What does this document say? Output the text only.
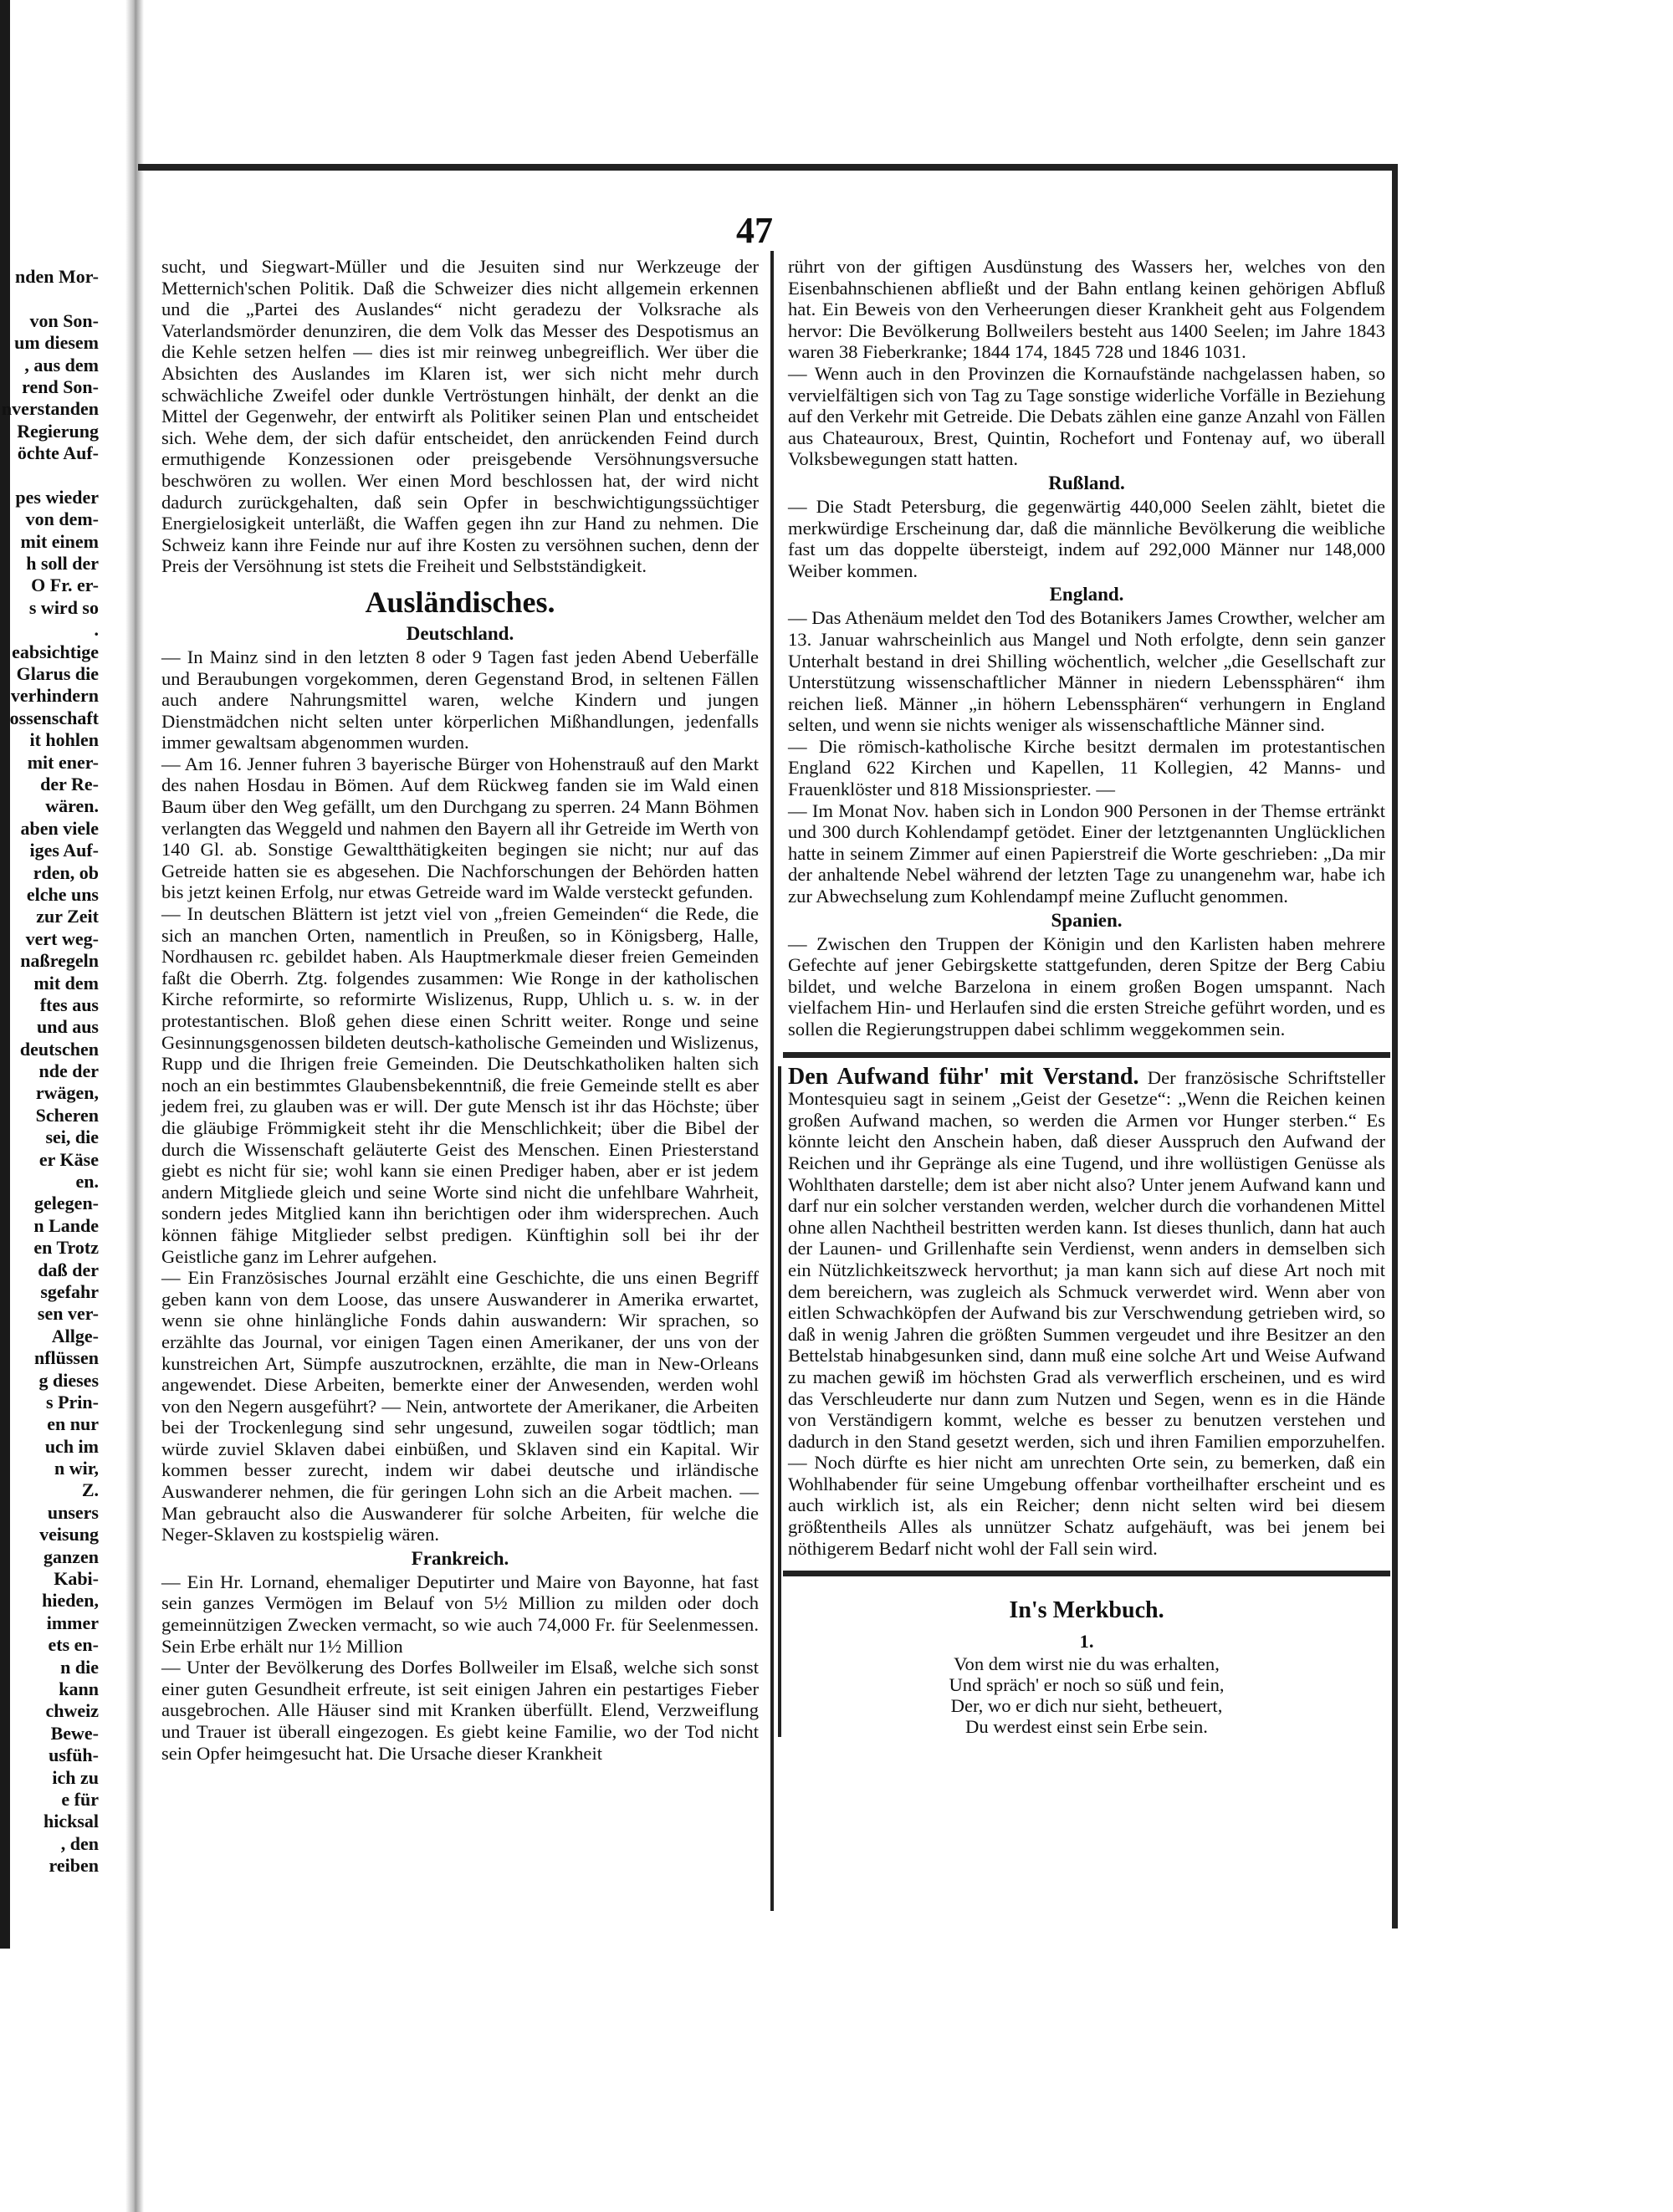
47
nden Mor-
von Son-
um diesem
, aus dem
rend Son-
nverstanden
Regierung
öchte Auf-
pes wieder
von dem-
mit einem
h soll der
O Fr. er-
s wird so
.
eabsichtige
Glarus die
verhindern
ossenschaft
it hohlen
mit ener-
der Re-
wären.
aben viele
iges Auf-
rden, ob
elche uns
zur Zeit
vert weg-
naßregeln
mit dem
ftes aus
und aus
deutschen
nde der
rwägen,
Scheren
sei, die
er Käse
en.
gelegen-
n Lande
en Trotz
daß der
sgefahr
sen ver-
Allge-
nflüssen
g dieses
s Prin-
en nur
uch im
n wir,
Z.
unsers
veisung
ganzen
Kabi-
hieden,
immer
ets en-
n die
kann
chweiz
Bewe-
usfüh-
ich zu
e für
hicksal
, den
reiben

sucht, und Siegwart-Müller und die Jesuiten sind nur Werkzeuge der Metternich'schen Politik. Daß die Schweizer dies nicht allgemein erkennen und die „Partei des Auslandes“ nicht geradezu der Volksrache als Vaterlandsmörder denunziren, die dem Volk das Messer des Despotismus an die Kehle setzen helfen — dies ist mir reinweg unbegreiflich. Wer über die Absichten des Auslandes im Klaren ist, wer sich nicht mehr durch schwächliche Zweifel oder dunkle Vertröstungen hinhält, der denkt an die Mittel der Gegenwehr, der entwirft als Politiker seinen Plan und entscheidet sich. Wehe dem, der sich dafür entscheidet, den anrückenden Feind durch ermuthigende Konzessionen oder preisgebende Versöhnungsversuche beschwören zu wollen. Wer einen Mord beschlossen hat, der wird nicht dadurch zurückgehalten, daß sein Opfer in beschwichtigungssüchtiger Energielosigkeit unterläßt, die Waffen gegen ihn zur Hand zu nehmen. Die Schweiz kann ihre Feinde nur auf ihre Kosten zu versöhnen suchen, denn der Preis der Versöhnung ist stets die Freiheit und Selbstständigkeit.

Ausländisches.
Deutschland.

— In Mainz sind in den letzten 8 oder 9 Tagen fast jeden Abend Ueberfälle und Beraubungen vorgekommen, deren Gegenstand Brod, in seltenen Fällen auch andere Nahrungsmittel waren, welche Kindern und jungen Dienstmädchen nicht selten unter körperlichen Mißhandlungen, jedenfalls immer gewaltsam abgenommen wurden.

— Am 16. Jenner fuhren 3 bayerische Bürger von Hohenstrauß auf den Markt des nahen Hosdau in Bömen. Auf dem Rückweg fanden sie im Wald einen Baum über den Weg gefällt, um den Durchgang zu sperren. 24 Mann Böhmen verlangten das Weggeld und nahmen den Bayern all ihr Getreide im Werth von 140 Gl. ab. Sonstige Gewaltthätigkeiten begingen sie nicht; nur auf das Getreide hatten sie es abgesehen. Die Nachforschungen der Behörden hatten bis jetzt keinen Erfolg, nur etwas Getreide ward im Walde versteckt gefunden.

— In deutschen Blättern ist jetzt viel von „freien Gemeinden“ die Rede, die sich an manchen Orten, namentlich in Preußen, so in Königsberg, Halle, Nordhausen rc. gebildet haben. Als Hauptmerkmale dieser freien Gemeinden faßt die Oberrh. Ztg. folgendes zusammen: Wie Ronge in der katholischen Kirche reformirte, so reformirte Wislizenus, Rupp, Uhlich u. s. w. in der protestantischen. Bloß gehen diese einen Schritt weiter. Ronge und seine Gesinnungsgenossen bildeten deutsch-katholische Gemeinden und Wislizenus, Rupp und die Ihrigen freie Gemeinden. Die Deutschkatholiken halten sich noch an ein bestimmtes Glaubensbekenntniß, die freie Gemeinde stellt es aber jedem frei, zu glauben was er will. Der gute Mensch ist ihr das Höchste; über die gläubige Frömmigkeit steht ihr die Menschlichkeit; über die Bibel der durch die Wissenschaft geläuterte Geist des Menschen. Einen Priesterstand giebt es nicht für sie; wohl kann sie einen Prediger haben, aber er ist jedem andern Mitgliede gleich und seine Worte sind nicht die unfehlbare Wahrheit, sondern jedes Mitglied kann ihn berichtigen oder ihm widersprechen. Auch können fähige Mitglieder selbst predigen. Künftighin soll bei ihr der Geistliche ganz im Lehrer aufgehen.

— Ein Französisches Journal erzählt eine Geschichte, die uns einen Begriff geben kann von dem Loose, das unsere Auswanderer in Amerika erwartet, wenn sie ohne hinlängliche Fonds dahin auswandern: Wir sprachen, so erzählte das Journal, vor einigen Tagen einen Amerikaner, der uns von der kunstreichen Art, Sümpfe auszutrocknen, erzählte, die man in New-Orleans angewendet. Diese Arbeiten, bemerkte einer der Anwesenden, werden wohl von den Negern ausgeführt? — Nein, antwortete der Amerikaner, die Arbeiten bei der Trockenlegung sind sehr ungesund, zuweilen sogar tödtlich; man würde zuviel Sklaven dabei einbüßen, und Sklaven sind ein Kapital. Wir kommen besser zurecht, indem wir dabei deutsche und irländische Auswanderer nehmen, die für geringen Lohn sich an die Arbeit machen. — Man gebraucht also die Auswanderer für solche Arbeiten, für welche die Neger-Sklaven zu kostspielig wären.

Frankreich.

— Ein Hr. Lornand, ehemaliger Deputirter und Maire von Bayonne, hat fast sein ganzes Vermögen im Belauf von 5½ Million zu milden oder doch gemeinnützigen Zwecken vermacht, so wie auch 74,000 Fr. für Seelenmessen. Sein Erbe erhält nur 1½ Million

— Unter der Bevölkerung des Dorfes Bollweiler im Elsaß, welche sich sonst einer guten Gesundheit erfreute, ist seit einigen Jahren ein pestartiges Fieber ausgebrochen. Alle Häuser sind mit Kranken überfüllt. Elend, Verzweiflung und Trauer ist überall eingezogen. Es giebt keine Familie, wo der Tod nicht sein Opfer heimgesucht hat. Die Ursache dieser Krankheit

rührt von der giftigen Ausdünstung des Wassers her, welches von den Eisenbahnschienen abfließt und der Bahn entlang keinen gehörigen Abfluß hat. Ein Beweis von den Verheerungen dieser Krankheit geht aus Folgendem hervor: Die Bevölkerung Bollweilers besteht aus 1400 Seelen; im Jahre 1843 waren 38 Fieberkranke; 1844 174, 1845 728 und 1846 1031.

— Wenn auch in den Provinzen die Kornaufstände nachgelassen haben, so vervielfältigen sich von Tag zu Tage sonstige widerliche Vorfälle in Beziehung auf den Verkehr mit Getreide. Die Debats zählen eine ganze Anzahl von Fällen aus Chateauroux, Brest, Quintin, Rochefort und Fontenay auf, wo überall Volksbewegungen statt hatten.

Rußland.

— Die Stadt Petersburg, die gegenwärtig 440,000 Seelen zählt, bietet die merkwürdige Erscheinung dar, daß die männliche Bevölkerung die weibliche fast um das doppelte übersteigt, indem auf 292,000 Männer nur 148,000 Weiber kommen.

England.

— Das Athenäum meldet den Tod des Botanikers James Crowther, welcher am 13. Januar wahrscheinlich aus Mangel und Noth erfolgte, denn sein ganzer Unterhalt bestand in drei Shilling wöchentlich, welcher „die Gesellschaft zur Unterstützung wissenschaftlicher Männer in niedern Lebenssphären“ ihm reichen ließ. Männer „in höhern Lebenssphären“ verhungern in England selten, und wenn sie nichts weniger als wissenschaftliche Männer sind.

— Die römisch-katholische Kirche besitzt dermalen im protestantischen England 622 Kirchen und Kapellen, 11 Kollegien, 42 Manns- und Frauenklöster und 818 Missionspriester. —

— Im Monat Nov. haben sich in London 900 Personen in der Themse ertränkt und 300 durch Kohlendampf getödet. Einer der letztgenannten Unglücklichen hatte in seinem Zimmer auf einen Papierstreif die Worte geschrieben: „Da mir der anhaltende Nebel während der letzten Tage zu unangenehm war, habe ich zur Abwechselung zum Kohlendampf meine Zuflucht genommen.

Spanien.

— Zwischen den Truppen der Königin und den Karlisten haben mehrere Gefechte auf jener Gebirgskette stattgefunden, deren Spitze der Berg Cabiu bildet, und welche Barzelona in einem großen Bogen umspannt. Nach vielfachem Hin- und Herlaufen sind die ersten Streiche geführt worden, und es sollen die Regierungstruppen dabei schlimm weggekommen sein.

Den Aufwand führ' mit Verstand. Der französische Schriftsteller Montesquieu sagt in seinem „Geist der Gesetze“: „Wenn die Reichen keinen großen Aufwand machen, so werden die Armen vor Hunger sterben.“ Es könnte leicht den Anschein haben, daß dieser Ausspruch den Aufwand der Reichen und ihr Gepränge als eine Tugend, und ihre wollüstigen Genüsse als Wohlthaten darstelle; dem ist aber nicht also? Unter jenem Aufwand kann und darf nur ein solcher verstanden werden, welcher durch die vorhandenen Mittel ohne allen Nachtheil bestritten werden kann. Ist dieses thunlich, dann hat auch der Launen- und Grillenhafte sein Verdienst, wenn anders in demselben sich ein Nützlichkeitszweck hervorthut; ja man kann sich auf diese Art noch mit dem bereichern, was zugleich als Schmuck verwerdet wird. Wenn aber von eitlen Schwachköpfen der Aufwand bis zur Verschwendung getrieben wird, so daß in wenig Jahren die größten Summen vergeudet und ihre Besitzer an den Bettelstab hinabgesunken sind, dann muß eine solche Art und Weise Aufwand zu machen gewiß im höchsten Grad als verwerflich erscheinen, und es wird das Verschleuderte nur dann zum Nutzen und Segen, wenn es in die Hände von Verständigern kommt, welche es besser zu benutzen verstehen und dadurch in den Stand gesetzt werden, sich und ihren Familien emporzuhelfen. — Noch dürfte es hier nicht am unrechten Orte sein, zu bemerken, daß ein Wohlhabender für seine Umgebung offenbar vortheilhafter erscheint und es auch wirklich ist, als ein Reicher; denn nicht selten wird bei diesem größtentheils Alles als unnützer Schatz aufgehäuft, was bei jenem bei nöthigerem Bedarf nicht wohl der Fall sein wird.

In's Merkbuch.
1.
Von dem wirst nie du was erhalten,
Und spräch' er noch so süß und fein,
Der, wo er dich nur sieht, betheuert,
Du werdest einst sein Erbe sein.
